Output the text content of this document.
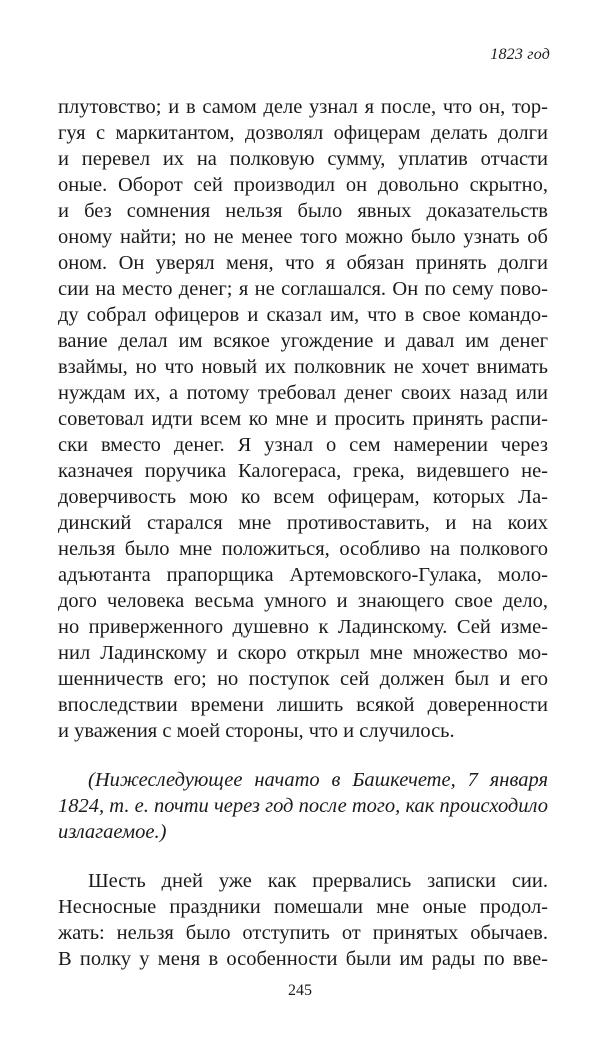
1823 год
плутовство; и в самом деле узнал я после, что он, тор-
гуя с маркитантом, дозволял офицерам делать долги
и перевел их на полковую сумму, уплатив отчасти
оные. Оборот сей производил он довольно скрытно,
и без сомнения нельзя было явных доказательств
оному найти; но не менее того можно было узнать об
оном. Он уверял меня, что я обязан принять долги
сии на место денег; я не соглашался. Он по сему пово-
ду собрал офицеров и сказал им, что в свое командо-
вание делал им всякое угождение и давал им денег
взаймы, но что новый их полковник не хочет внимать
нуждам их, а потому требовал денег своих назад или
советовал идти всем ко мне и просить принять распи-
ски вместо денег. Я узнал о сем намерении через
казначея поручика Калогераса, грека, видевшего не-
доверчивость мою ко всем офицерам, которых Ла-
динский старался мне противоставить, и на коих
нельзя было мне положиться, особливо на полкового
адъютанта прапорщика Артемовского-Гулака, моло-
дого человека весьма умного и знающего свое дело,
но приверженного душевно к Ладинскому. Сей изме-
нил Ладинскому и скоро открыл мне множество мо-
шенничеств его; но поступок сей должен был и его
впоследствии времени лишить всякой доверенности
и уважения с моей стороны, что и случилось.
(Нижеследующее начато в Башкечете, 7 января
1824, т. е. почти через год после того, как происходило
излагаемое.)
Шесть дней уже как прервались записки сии.
Несносные праздники помешали мне оные продол-
жать: нельзя было отступить от принятых обычаев.
В полку у меня в особенности были им рады по вве-
245
